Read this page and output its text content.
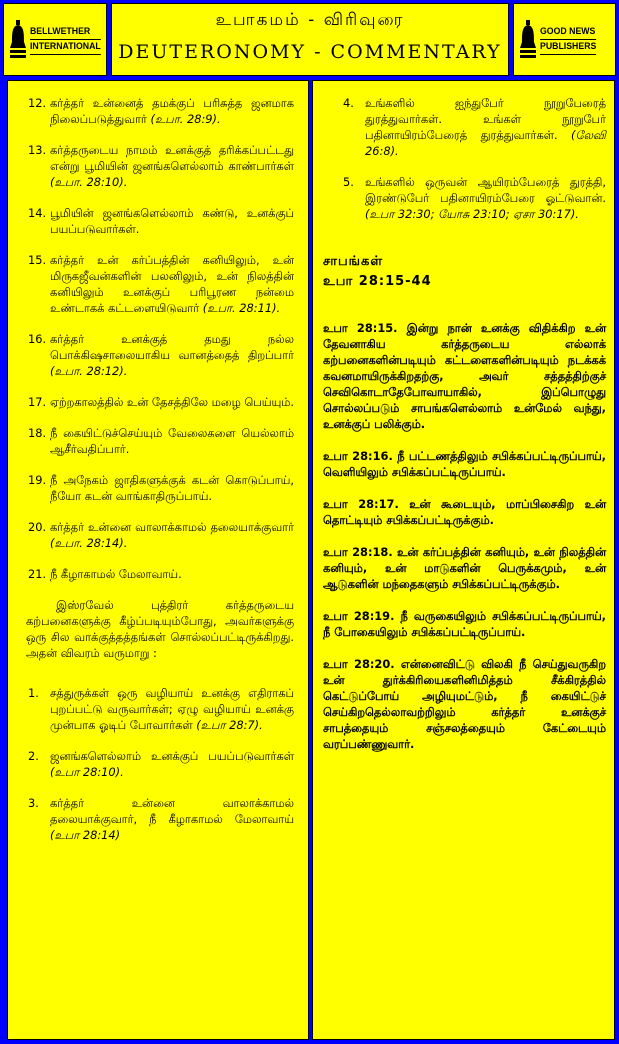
BELLWETHER
INTERNATIONAL
உபாகமம் - விரிவுரை
DEUTERONOMY - COMMENTARY
GOOD NEWS
PUBLISHERS

12. கர்த்தர் உன்னைத் தமக்குப் பரிசுத்த ஜனமாக நிலைப்படுத்துவார் (உபா. 28:9).

13. கர்த்தருடைய நாமம் உனக்குத் தரிக்கப்பட்டது என்று பூமியின் ஜனங்களெல்லாம் காண்பார்கள் (உபா. 28:10).

14. பூமியின் ஜனங்களெல்லாம் கண்டு, உனக்குப் பயப்படுவார்கள்.

15. கர்த்தர் உன் கர்ப்பத்தின் கனியிலும், உன் மிருகஜீவன்களின் பலனிலும், உன் நிலத்தின் கனியிலும் உனக்குப் பரிபூரண நன்மை உண்டாகக் கட்டளையிடுவார் (உபா. 28:11).

16. கர்த்தர் உனக்குத் தமது நல்ல பொக்கிஷசாலையாகிய வானத்தைத் திறப்பார் (உபா. 28:12).

17. ஏற்றகாலத்தில் உன் தேசத்திலே மழை பெய்யும்.

18. நீ கையிட்டுச்செய்யும் வேலைகளை யெல்லாம் ஆசீர்வதிப்பார்.

19. நீ அநேகம் ஜாதிகளுக்குக் கடன் கொடுப்பாய், நீயோ கடன் வாங்காதிருப்பாய்.

20. கர்த்தர் உன்னை வாலாக்காமல் தலையாக்குவார் (உபா. 28:14).

21. நீ கீழாகாமல் மேலாவாய்.

இஸ்ரவேல் புத்திரர் கர்த்தருடைய கற்பனைகளுக்கு கீழ்ப்படியும்போது, அவர்களுக்கு ஒரு சில வாக்குத்தத்தங்கள் சொல்லப்பட்டிருக்கிறது. அதன் விவரம் வருமாறு :

1. சத்துருக்கள் ஒரு வழியாய் உனக்கு எதிராகப் புறப்பட்டு வருவார்கள்; ஏழு வழியாய் உனக்கு முன்பாக ஓடிப் போவார்கள் (உபா 28:7).

2. ஜனங்களெல்லாம் உனக்குப் பயப்படுவார்கள் (உபா 28:10).

3. கர்த்தர் உன்னை வாலாக்காமல் தலையாக்குவார், நீ கீழாகாமல் மேலாவாய் (உபா 28:14)

4. உங்களில் ஐந்துபேர் நூறுபேரைத் துரத்துவார்கள். உங்கள் நூறுபேர் பதினாயிரம்பேரைத் துரத்துவார்கள். (லேவி 26:8).

5. உங்களில் ஒருவன் ஆயிரம்பேரைத் துரத்தி, இரண்டுபேர் பதினாயிரம்பேரை ஓட்டுவான். (உபா 32:30; யோசு 23:10; ஏசா 30:17).

சாபங்கள்
உபா 28:15-44

உபா 28:15. இன்று நான் உனக்கு விதிக்கிற உன் தேவனாகிய கர்த்தருடைய எல்லாக் கற்பனைகளின்படியும் கட்டளைகளின்படியும் நடக்கக் கவனமாயிருக்கிறதற்கு, அவர் சத்தத்திற்குச் செவிகொடாதேபோவாயாகில், இப்பொழுது சொல்லப்படும் சாபங்களெல்லாம் உன்மேல் வந்து, உனக்குப் பலிக்கும்.

உபா 28:16. நீ பட்டணத்திலும் சபிக்கப்பட்டிருப்பாய், வெளியிலும் சபிக்கப்பட்டிருப்பாய்.

உபா 28:17. உன் கூடையும், மாப்பிசைகிற உன் தொட்டியும் சபிக்கப்பட்டிருக்கும்.

உபா 28:18. உன் கர்ப்பத்தின் கனியும், உன் நிலத்தின் கனியும், உன் மாடுகளின் பெருக்கமும், உன் ஆடுகளின் மந்தைகளும் சபிக்கப்பட்டிருக்கும்.

உபா 28:19. நீ வருகையிலும் சபிக்கப்பட்டிருப்பாய், நீ போகையிலும் சபிக்கப்பட்டிருப்பாய்.

உபா 28:20. என்னைவிட்டு விலகி நீ செய்துவருகிற உன் துர்க்கிரியைகளினிமித்தம் சீக்கிரத்தில் கெட்டுப்போய் அழியுமட்டும், நீ கையிட்டுச் செய்கிறதெல்லாவற்றிலும் கர்த்தர் உனக்குச் சாபத்தையும் சஞ்சலத்தையும் கேட்டையும் வரப்பண்ணுவார்.
